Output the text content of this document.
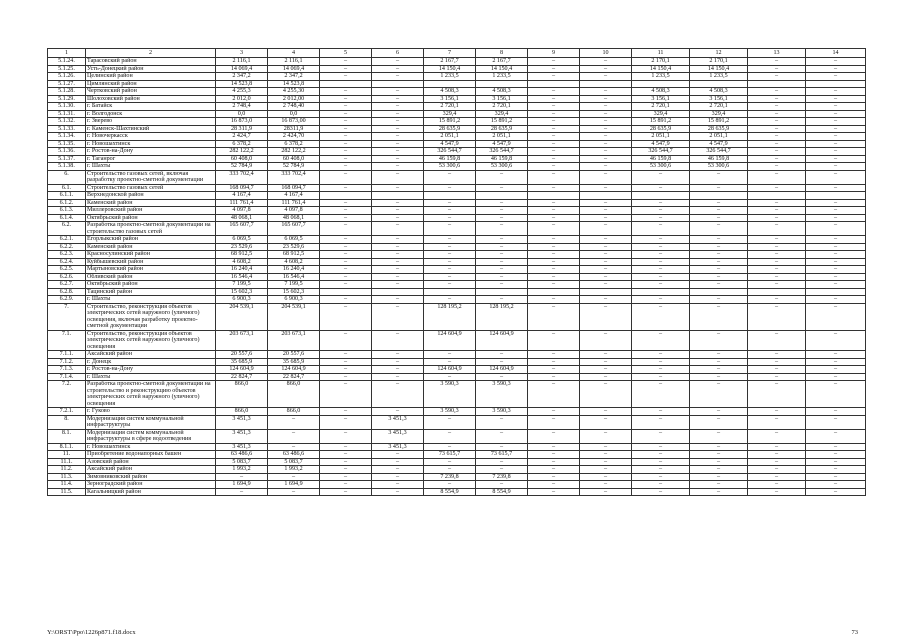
1	2	3	4	5	6	7	8	9	10	11	12	13	14
5.1.24.	Тарасовский район	2 116,1	2 116,1	–	–	2 167,7	2 167,7	–	–	2 170,1	2 170,1	–	–
5.1.25.	Усть-Донецкий район	14 069,4	14 069,4	–	–	14 150,4	14 150,4	–	–	14 150,4	14 150,4	–	–
5.1.26.	Целинский район	2 347,2	2 347,2	–	–	1 233,5	1 233,5	–	–	1 233,5	1 233,5	–	–
5.1.27.	Цимлянский район	14 523,8	14 523,8										
5.1.28.	Чертковский район	4 255,3	4 255,30	–	–	4 508,3	4 508,3	–	–	4 508,3	4 508,3	–	–
5.1.29.	Шолоховский район	2 012,0	2 012,00	–	–	3 156,1	3 156,1	–	–	3 156,1	3 156,1	–	–
5.1.30.	г. Батайск	2 748,4	2 748,40	–	–	2 720,1	2 720,1	–	–	2 720,1	2 720,1	–	–
5.1.31.	г. Волгодонск	0,0	0,0	–	–	329,4	329,4	–	–	329,4	329,4	–	–
5.1.32.	г. Зверево	16 873,0	16 873,00	–	–	15 891,2	15 891,2	–	–	15 891,2	15 891,2	–	–
5.1.33.	г. Каменск-Шахтинский	28 311,9	28311,9	–	–	28 635,9	28 635,9	–	–	28 635,9	28 635,9	–	–
5.1.34.	г. Новочеркасск	2 424,7	2 424,70	–	–	2 051,1	2 051,1	–	–	2 051,1	2 051,1	–	–
5.1.35.	г. Новошахтинск	6 378,2	6 378,2	–	–	4 547,9	4 547,9	–	–	4 547,9	4 547,9	–	–
5.1.36.	г. Ростов-на-Дону	282 122,2	282 122,2	–	–	326 544,7	326 544,7	–	–	326 544,7	326 544,7	–	–
5.1.37.	г. Таганрог	60 408,0	60 408,0	–	–	46 159,8	46 159,8	–	–	46 159,8	46 159,8	–	–
5.1.38.	г. Шахты	52 784,9	52 784,9	–	–	53 300,6	53 300,6	–	–	53 300,6	53 300,6	–	–
6.	Строительство газовых сетей, включая разработку проектно-сметной документации	333 702,4	333 702,4	–	–	–	–	–	–	–	–	–	–
6.1.	Строительство газовых сетей	168 094,7	168 094,7	–	–	–	–	–	–	–	–	–	–
6.1.1.	Верхнедонской район	4 167,4	4 167,4										
6.1.2.	Каменский район	111 761,4	111 761,4	–	–	–	–	–	–	–	–	–	–
6.1.3.	Миллеровский район	4 097,8	4 097,8	–	–	–	–	–	–	–	–	–	–
6.1.4.	Октябрьский район	48 068,1	48 068,1	–	–	–	–	–	–	–	–	–	–
6.2.	Разработка проектно-сметной документации на строительство газовых сетей	165 607,7	165 607,7	–	–	–	–	–	–	–	–	–	–
6.2.1.	Егорлыкский район	6 069,5	6 069,5	–	–	–	–	–	–	–	–	–	–
6.2.2.	Каменский район	23 529,6	23 529,6	–	–	–	–	–	–	–	–	–	–
6.2.3.	Красносулинский район	68 912,5	68 912,5	–	–	–	–	–	–	–	–	–	–
6.2.4.	Куйбышевский район	4 608,2	4 608,2	–	–	–	–	–	–	–	–	–	–
6.2.5.	Мартыновский район	16 240,4	16 240,4	–	–	–	–	–	–	–	–	–	–
6.2.6.	Обливский район	16 546,4	16 546,4	–	–	–	–	–	–	–	–	–	–
6.2.7.	Октябрьский район	7 199,5	7 199,5	–	–	–	–	–	–	–	–	–	–
6.2.8.	Тацинский район	15 602,3	15 602,3										
6.2.9.	г. Шахты	6 900,3	6 900,3	–	–	–	–	–	–	–	–	–	–
7.	Строительство, реконструкция объектов электрических сетей наружного (уличного) освещения, включая разработку проектно-сметной документации	204 539,1	204 539,1	–	–	128 195,2	128 195,2	–	–	–	–	–	–
7.1.	Строительство, реконструкция объектов электрических сетей наружного (уличного) освещения	203 673,1	203 673,1	–	–	124 604,9	124 604,9	–	–	–	–	–	–
7.1.1.	Аксайский район	20 557,6	20 557,6	–	–	–	–	–	–	–	–	–	–
7.1.2.	г. Донецк	35 685,9	35 685,9	–	–	–	–	–	–	–	–	–	–
7.1.3.	г. Ростов-на-Дону	124 604,9	124 604,9	–	–	124 604,9	124 604,9	–	–	–	–	–	–
7.1.4.	г. Шахты	22 824,7	22 824,7	–	–	–	–	–	–	–	–	–	–
7.2.	Разработка проектно-сметной документации на строительство и реконструкцию объектов электрических сетей наружного (уличного) освещения	866,0	866,0	–	–	3 590,3	3 590,3	–	–	–	–	–	–
7.2.1.	г. Гуково	866,0	866,0	–	–	3 590,3	3 590,3	–	–	–	–	–	–
8.	Модернизация систем коммунальной инфраструктуры	3 451,3	–	–	3 451,3	–	–	–	–	–	–	–	–
8.1.	Модернизация систем коммунальной инфраструктуры в сфере водоотведения	3 451,3	–	–	3 451,3	–	–	–	–	–	–	–	–
8.1.1.	г. Новошахтинск	3 451,3	–	–	3 451,3	–	–	–	–	–	–	–	–
11.	Приобретение водонапорных башен	63 486,6	63 486,6	–	–	73 615,7	73 615,7	–	–	–	–	–	–
11.1.	Азовский район	5 083,7	5 083,7	–	–	–	–	–	–	–	–	–	–
11.2.	Аксайский район	1 993,2	1 993,2	–	–	–	–	–	–	–	–	–	–
11.3.	Зимовниковский район	–	–	–	–	7 239,8	7 239,8	–	–	–	–	–	–
11.4.	Зерноградский район	1 694,9	1 694,9	–	–	–	–	–	–	–	–	–	–
11.5.	Кагальницкий район	–	–	–	–	8 554,9	8 554,9	–	–	–	–	–	–
Y:\ORST\Ppo\1226p871.f18.docx	73
